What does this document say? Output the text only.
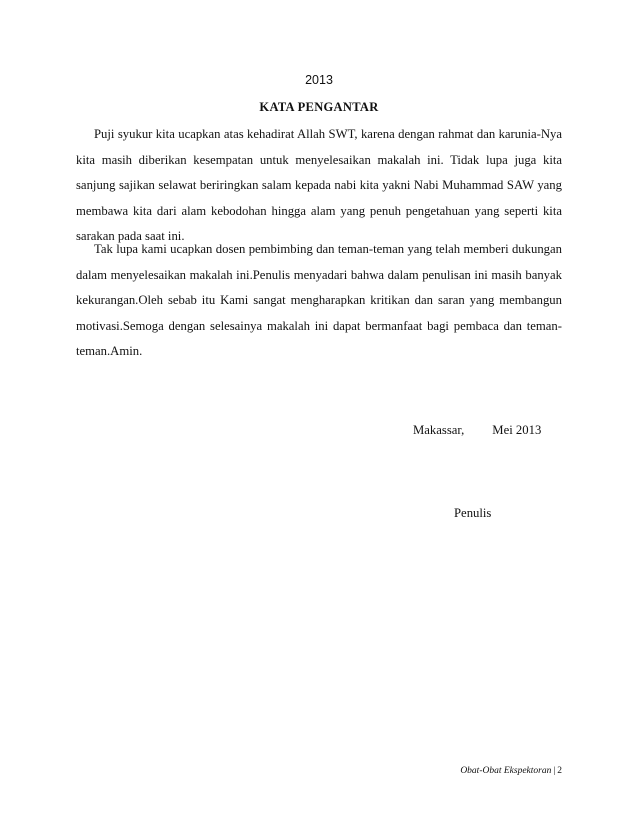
2013
KATA PENGANTAR

Puji syukur kita ucapkan atas kehadirat Allah SWT, karena dengan rahmat dan karunia-Nya kita masih diberikan kesempatan untuk menyelesaikan makalah ini. Tidak lupa juga kita sanjung sajikan selawat beriringkan salam kepada nabi kita yakni Nabi Muhammad SAW yang membawa kita dari alam kebodohan hingga alam yang penuh pengetahuan yang seperti kita sarakan pada saat ini.

Tak lupa kami ucapkan dosen pembimbing dan teman-teman yang telah memberi dukungan dalam menyelesaikan makalah ini.Penulis menyadari bahwa dalam penulisan ini masih banyak kekurangan.Oleh sebab itu Kami sangat mengharapkan kritikan dan saran yang membangun motivasi.Semoga dengan selesainya makalah ini dapat bermanfaat bagi pembaca dan teman-teman.Amin.

Makassar, Mei 2013
Penulis
Obat-Obat Ekspektoran | 2
